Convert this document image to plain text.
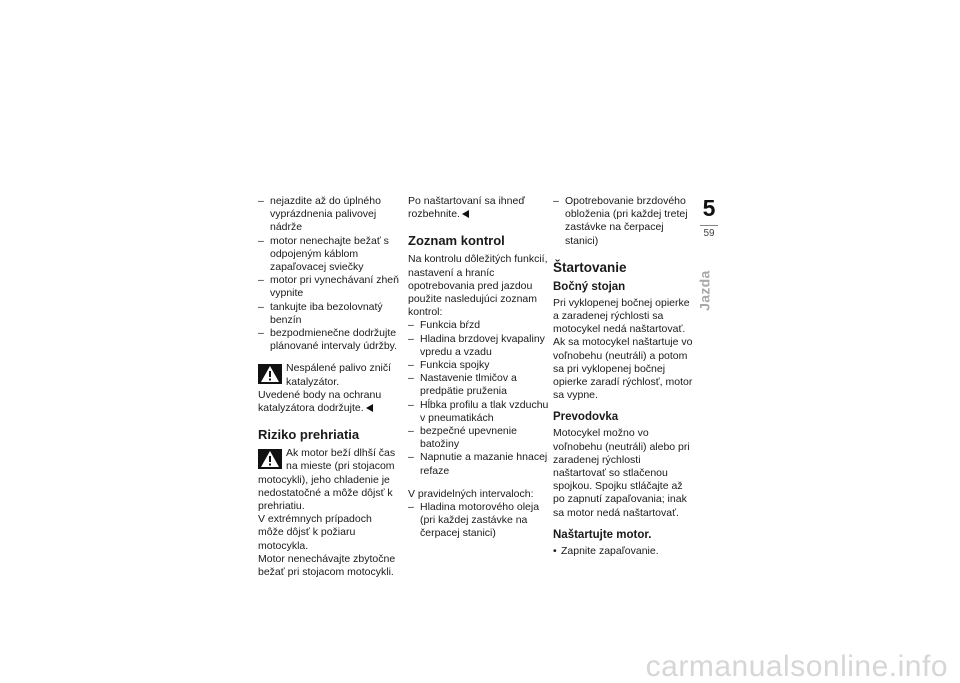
– nejazdite až do úplného vyprázdnenia palivovej nádrže
– motor nenechajte bežať s odpojeným káblom zapaľovacej sviečky
– motor pri vynechávaní zheň vypnite
– tankujte iba bezolovnatý benzín
– bezpodmienečne dodržujte plánované intervaly údržby.

Nespálené palivo zničí katalyzátor.

Uvedené body na ochranu katalyzátora dodržujte.

Riziko prehriatia

Ak motor beží dlhší čas na mieste (pri stojacom motocykli), jeho chladenie je nedostatočné a môže dôjsť k prehriatiu.

V extrémnych prípadoch môže dôjsť k požiaru motocykla.

Motor nenechávajte zbytočne bežať pri stojacom motocykli.

Po naštartovaní sa ihneď rozbehnite.

Zoznam kontrol

Na kontrolu dôležitých funkcií, nastavení a hraníc opotrebovania pred jazdou použite nasledujúci zoznam kontrol:

– Funkcia bŕzd
– Hladina brzdovej kvapaliny vpredu a vzadu
– Funkcia spojky
– Nastavenie tlmičov a predpätie pruženia
– Hĺbka profilu a tlak vzduchu v pneumatikách
– bezpečné upevnenie batožiny
– Napnutie a mazanie hnacej refaze

V pravidelných intervaloch:

– Hladina motorového oleja (pri každej zastávke na čerpacej stanici)
– Opotrebovanie brzdového obloženia (pri každej tretej zastávke na čerpacej stanici)
Štartovanie
Bočný stojan

Pri vyklopenej bočnej opierke a zaradenej rýchlosti sa motocykel nedá naštartovať. Ak sa motocykel naštartuje vo voľnobehu (neutráli) a potom sa pri vyklopenej bočnej opierke zaradí rýchlosť, motor sa vypne.

Prevodovka

Motocykel možno vo voľnobehu (neutráli) alebo pri zaradenej rýchlosti naštartovať so stlačenou spojkou. Spojku stláčajte až po zapnutí zapaľovania; inak sa motor nedá naštartovať.

Naštartujte motor.
• Zapnite zapaľovanie.
5
59
Jazda
carmanualsonline.info
